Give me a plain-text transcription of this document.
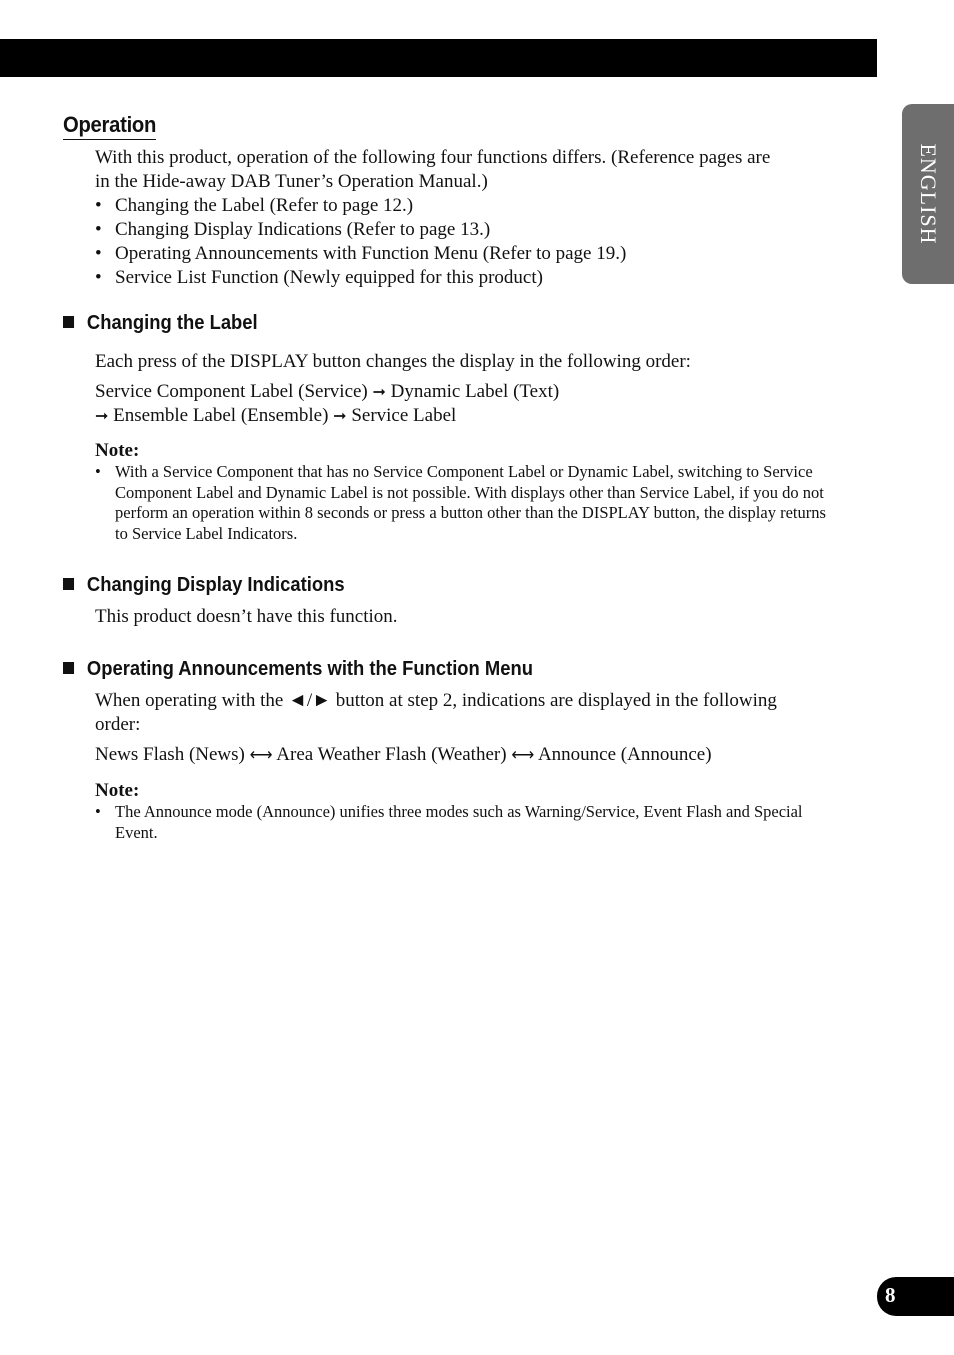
ENGLISH
Operation

With this product, operation of the following four functions differs. (Reference pages are

in the Hide-away DAB Tuner’s Operation Manual.)

• Changing the Label (Refer to page 12.)

• Changing Display Indications (Refer to page 13.)

• Operating Announcements with Function Menu (Refer to page 19.)

• Service List Function (Newly equipped for this product)

Changing the Label

Each press of the DISPLAY button changes the display in the following order:

Service Component Label (Service) ➞ Dynamic Label (Text)

➞ Ensemble Label (Ensemble) ➞ Service Label

Note:

• With a Service Component that has no Service Component Label or Dynamic Label, switching to Service Component Label and Dynamic Label is not possible. With displays other than Service Label, if you do not perform an operation within 8 seconds or press a button other than the DISPLAY button, the display returns to Service Label Indicators.

Changing Display Indications

This product doesn’t have this function.

Operating Announcements with the Function Menu

When operating with the ◄/► button at step 2, indications are displayed in the following

order:

News Flash (News) ⟷ Area Weather Flash (Weather) ⟷ Announce (Announce)

Note:

• The Announce mode (Announce) unifies three modes such as Warning/Service, Event Flash and Special Event.

8
